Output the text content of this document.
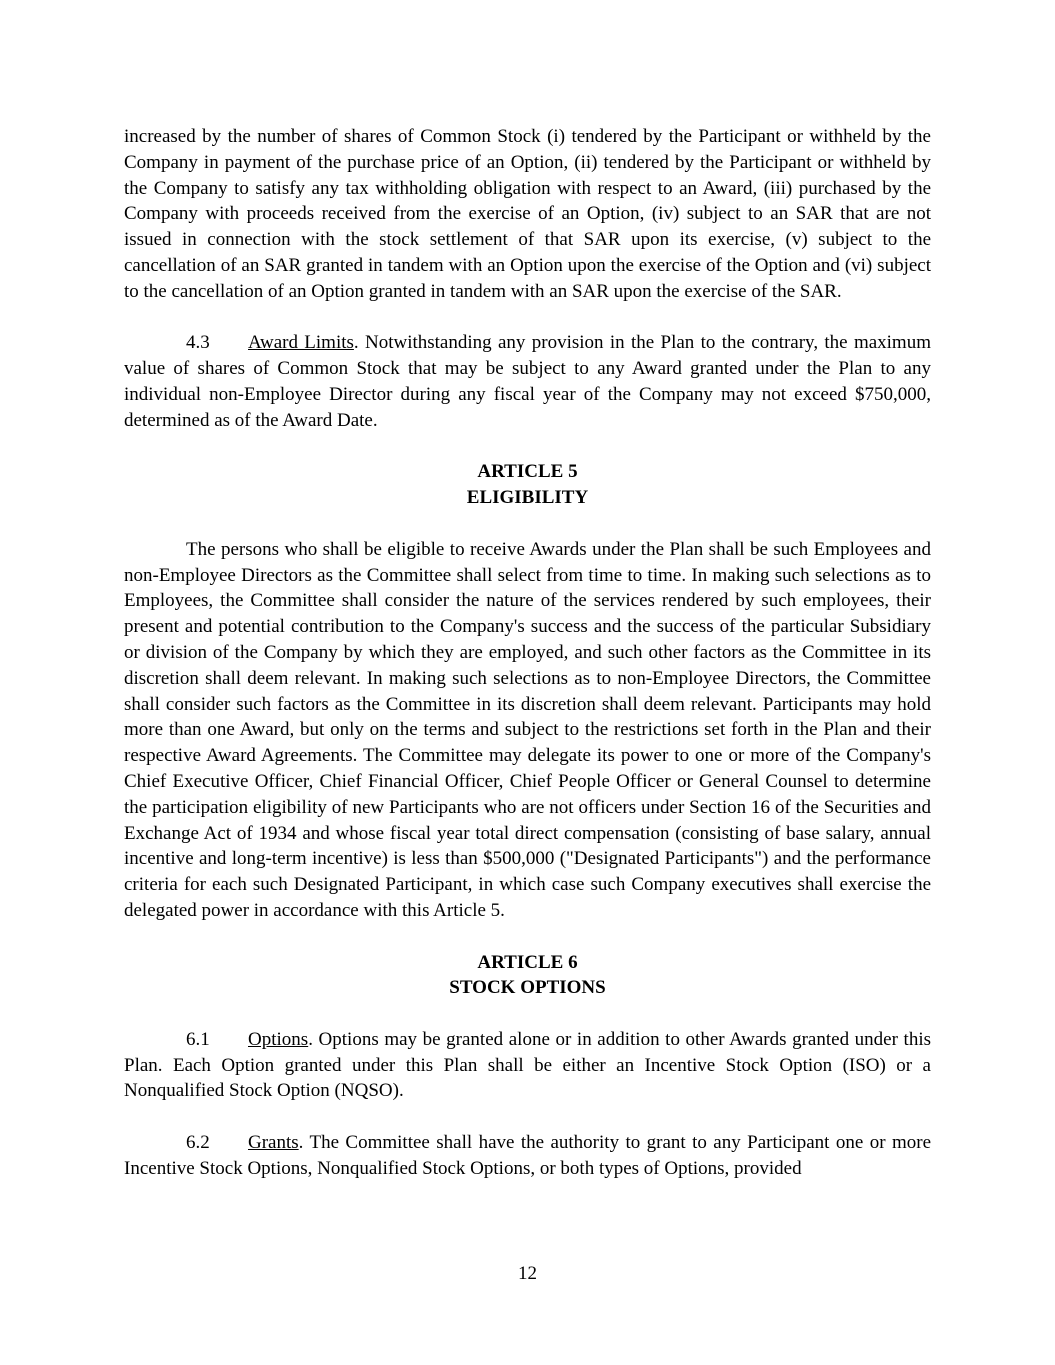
increased by the number of shares of Common Stock (i) tendered by the Participant or withheld by the Company in payment of the purchase price of an Option, (ii) tendered by the Participant or withheld by the Company to satisfy any tax withholding obligation with respect to an Award, (iii) purchased by the Company with proceeds received from the exercise of an Option, (iv) subject to an SAR that are not issued in connection with the stock settlement of that SAR upon its exercise, (v) subject to the cancellation of an SAR granted in tandem with an Option upon the exercise of the Option and (vi) subject to the cancellation of an Option granted in tandem with an SAR upon the exercise of the SAR.

4.3 Award Limits. Notwithstanding any provision in the Plan to the contrary, the maximum value of shares of Common Stock that may be subject to any Award granted under the Plan to any individual non-Employee Director during any fiscal year of the Company may not exceed $750,000, determined as of the Award Date.

ARTICLE 5
ELIGIBILITY

The persons who shall be eligible to receive Awards under the Plan shall be such Employees and non-Employee Directors as the Committee shall select from time to time. In making such selections as to Employees, the Committee shall consider the nature of the services rendered by such employees, their present and potential contribution to the Company's success and the success of the particular Subsidiary or division of the Company by which they are employed, and such other factors as the Committee in its discretion shall deem relevant. In making such selections as to non-Employee Directors, the Committee shall consider such factors as the Committee in its discretion shall deem relevant. Participants may hold more than one Award, but only on the terms and subject to the restrictions set forth in the Plan and their respective Award Agreements. The Committee may delegate its power to one or more of the Company's Chief Executive Officer, Chief Financial Officer, Chief People Officer or General Counsel to determine the participation eligibility of new Participants who are not officers under Section 16 of the Securities and Exchange Act of 1934 and whose fiscal year total direct compensation (consisting of base salary, annual incentive and long-term incentive) is less than $500,000 ("Designated Participants") and the performance criteria for each such Designated Participant, in which case such Company executives shall exercise the delegated power in accordance with this Article 5.

ARTICLE 6
STOCK OPTIONS

6.1 Options. Options may be granted alone or in addition to other Awards granted under this Plan. Each Option granted under this Plan shall be either an Incentive Stock Option (ISO) or a Nonqualified Stock Option (NQSO).

6.2 Grants. The Committee shall have the authority to grant to any Participant one or more Incentive Stock Options, Nonqualified Stock Options, or both types of Options, provided

12
